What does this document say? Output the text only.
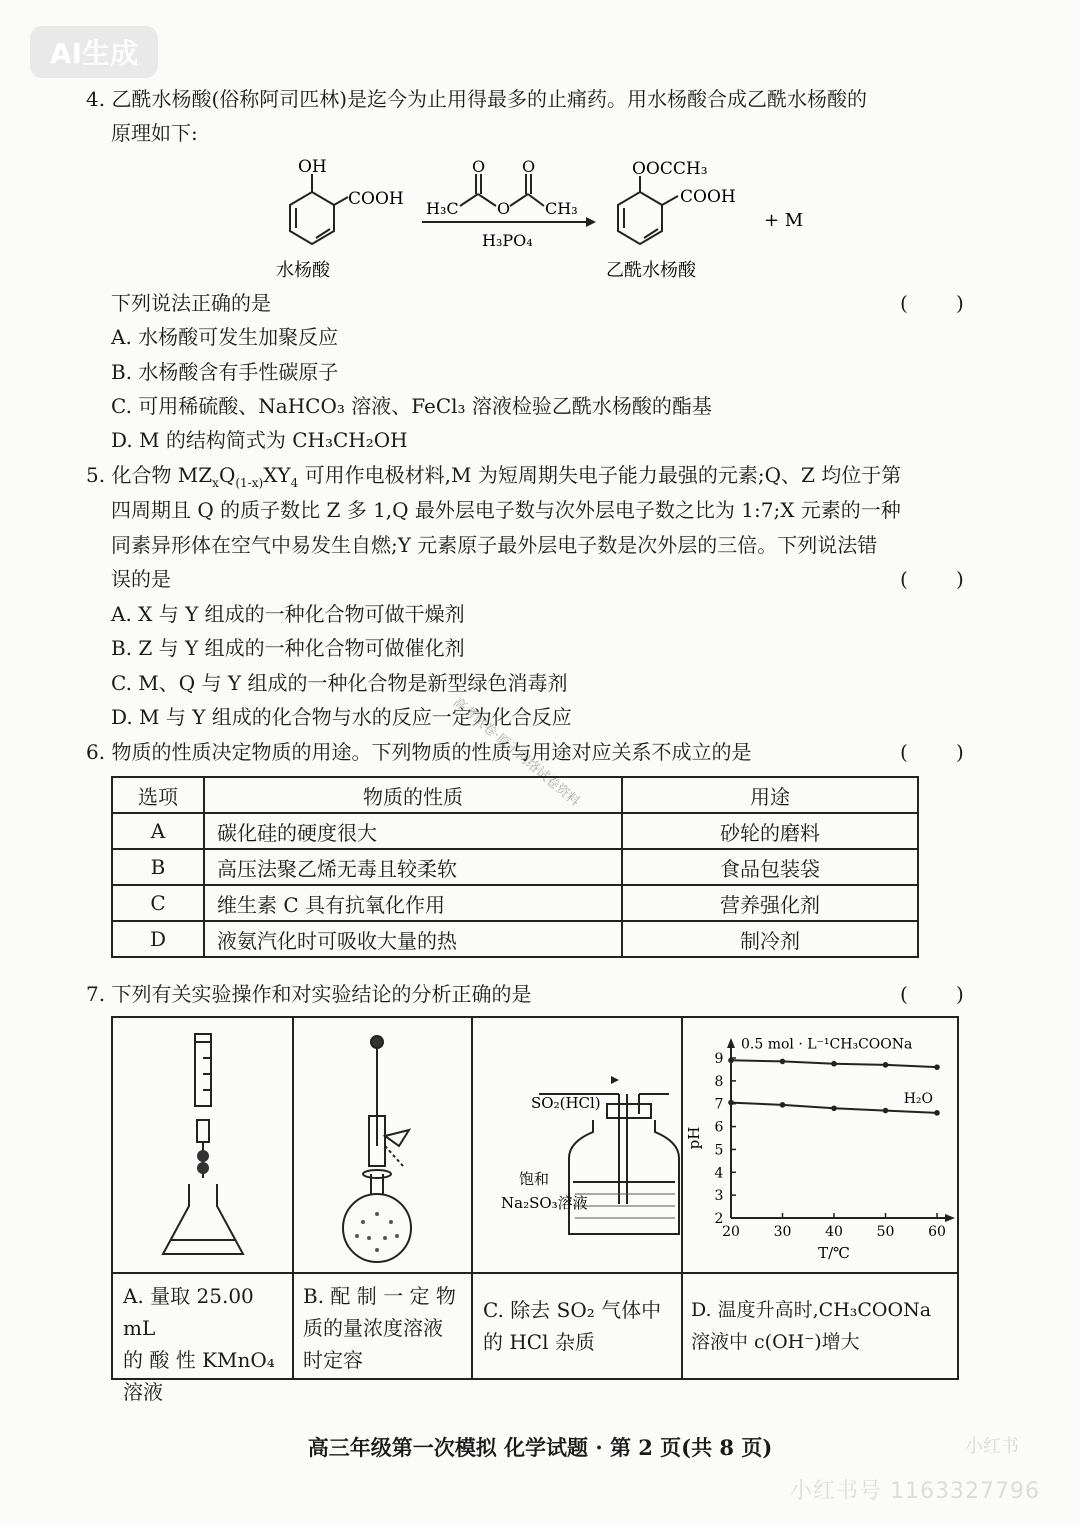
AI生成
4. 乙酰水杨酸(俗称阿司匹林)是迄今为止用得最多的止痛药。用水杨酸合成乙酰水杨酸的
原理如下:
OH
COOH
水杨酸
O O
H₃C O CH₃
H₃PO₄
OOCCH₃
COOH
乙酰水杨酸
+ M
下列说法正确的是	( )
A. 水杨酸可发生加聚反应
B. 水杨酸含有手性碳原子
C. 可用稀硫酸、NaHCO₃ 溶液、FeCl₃ 溶液检验乙酰水杨酸的酯基
D. M 的结构简式为 CH₃CH₂OH
5. 化合物 $MZ_xQ_{(1-x)}XY_4$ 可用作电极材料,M 为短周期失电子能力最强的元素;Q、Z 均位于第
四周期且 Q 的质子数比 Z 多 1,Q 最外层电子数与次外层电子数之比为 1:7;X 元素的一种
同素异形体在空气中易发生自燃;Y 元素原子最外层电子数是次外层的三倍。下列说法错
误的是	( )
A. X 与 Y 组成的一种化合物可做干燥剂
B. Z 与 Y 组成的一种化合物可做催化剂
C. M、Q 与 Y 组成的一种化合物是新型绿色消毒剂
D. M 与 Y 组成的化合物与水的反应一定为化合反应
高考试卷·原子网络试卷资料
6. 物质的性质决定物质的用途。下列物质的性质与用途对应关系不成立的是	( )
选项	物质的性质	用途
A	碳化硅的硬度很大	砂轮的磨料
B	高压法聚乙烯无毒且较柔软	食品包装袋
C	维生素 C 具有抗氧化作用	营养强化剂
D	液氨汽化时可吸收大量的热	制冷剂
7. 下列有关实验操作和对实验结论的分析正确的是	( )
SO₂(HCl)
饱和
Na₂SO₃溶液
2
3
4
5
6
7
8
9
20 30 40 50 60
pH
T/℃
0.5 mol · L⁻¹CH₃COONa
H₂O
A. 量取 25.00 mL
的 酸 性 KMnO₄
溶液
B. 配 制 一 定 物
质的量浓度溶液
时定容
C. 除去 SO₂ 气体中
的 HCl 杂质
D. 温度升高时,CH₃COONa
溶液中 c(OH⁻)增大
高三年级第一次模拟 化学试题 · 第 2 页(共 8 页)	小红书
小红书号 1163327796
